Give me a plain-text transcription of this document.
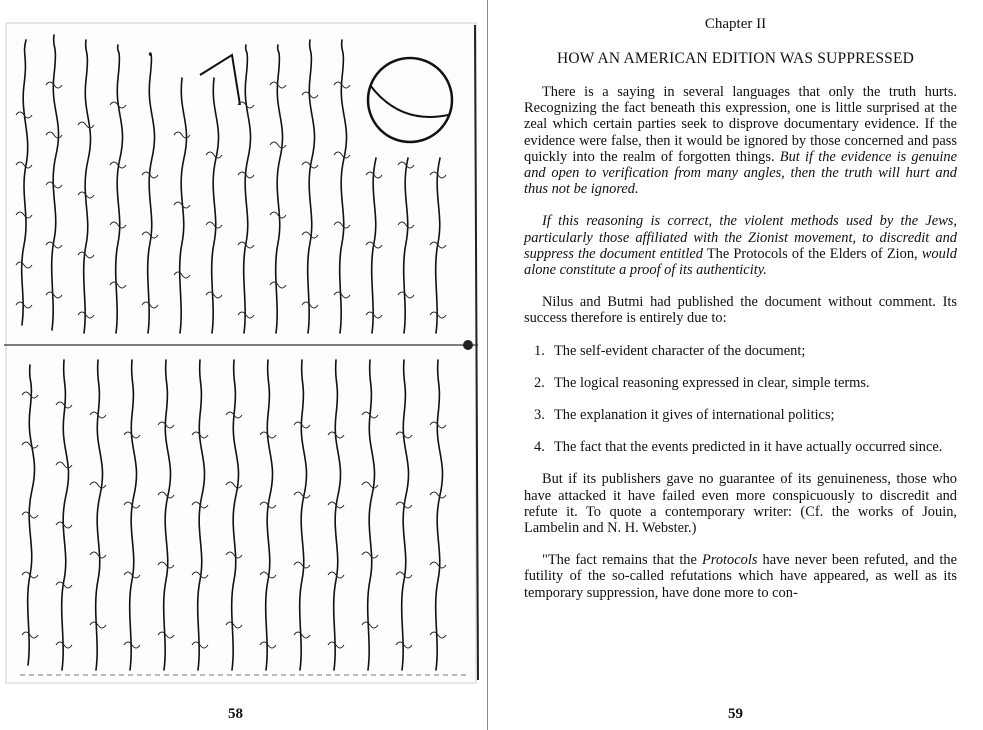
58
Chapter II
HOW AN AMERICAN EDITION WAS SUPPRESSED

There is a saying in several languages that only the truth hurts. Recognizing the fact beneath this expression, one is little surprised at the zeal which certain parties seek to disprove documentary evidence. If the evidence were false, then it would be ignored by those concerned and pass quickly into the realm of forgotten things. But if the evidence is genuine and open to verification from many angles, then the truth will hurt and thus not be ignored.

If this reasoning is correct, the violent methods used by the Jews, particularly those affiliated with the Zionist movement, to discredit and suppress the document entitled The Protocols of the Elders of Zion, would alone constitute a proof of its authenticity.

Nilus and Butmi had published the document without comment. Its success therefore is entirely due to:

1. The self-evident character of the document;

2. The logical reasoning expressed in clear, simple terms.

3. The explanation it gives of international politics;

4. The fact that the events predicted in it have actually occurred since.

But if its publishers gave no guarantee of its genuineness, those who have attacked it have failed even more conspicuously to discredit and refute it. To quote a contemporary writer: (Cf. the works of Jouin, Lambelin and N. H. Webster.)

"The fact remains that the Protocols have never been refuted, and the futility of the so-called refutations which have appeared, as well as its temporary suppression, have done more to con-

59
